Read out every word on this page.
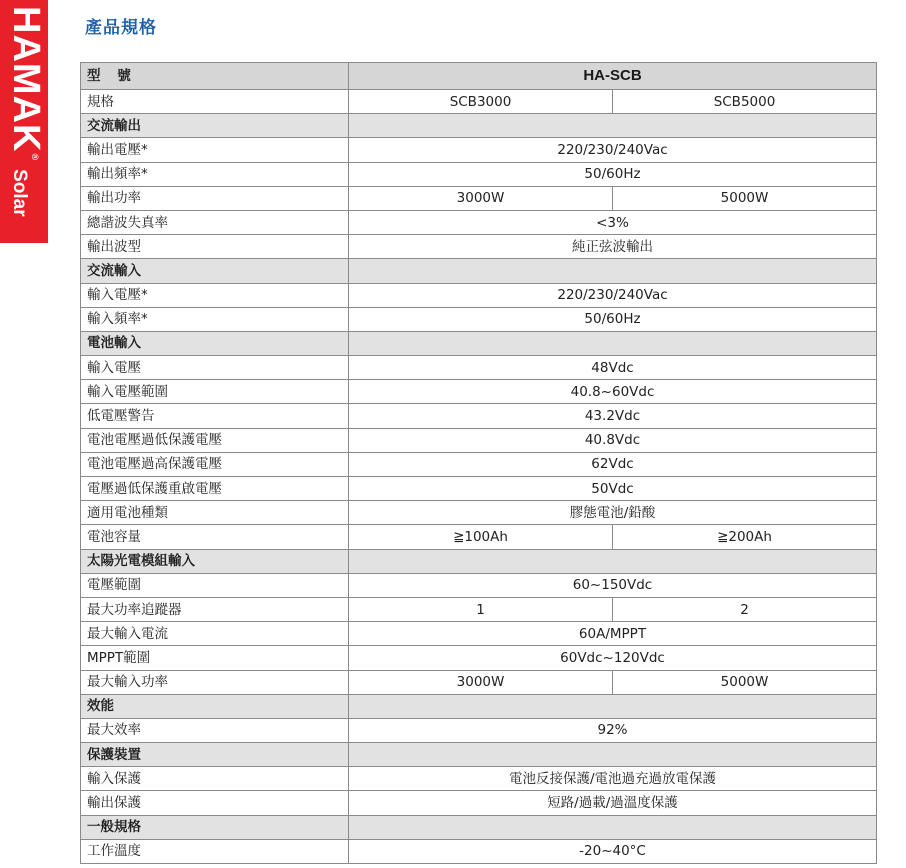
HAMAK
®
Solar
產品規格
型 號	HA-SCB	
規格	SCB3000	SCB5000
交流輸出		
輸出電壓*	220/230/240Vac	
輸出頻率*	50/60Hz	
輸出功率	3000W	5000W
總諧波失真率	<3%	
輸出波型	純正弦波輸出	
交流輸入		
輸入電壓*	220/230/240Vac	
輸入頻率*	50/60Hz	
電池輸入		
輸入電壓	48Vdc	
輸入電壓範圍	40.8~60Vdc	
低電壓警告	43.2Vdc	
電池電壓過低保護電壓	40.8Vdc	
電池電壓過高保護電壓	62Vdc	
電壓過低保護重啟電壓	50Vdc	
適用電池種類	膠態電池/鉛酸	
電池容量	≧100Ah	≧200Ah
太陽光電模組輸入		
電壓範圍	60~150Vdc	
最大功率追蹤器	1	2
最大輸入電流	60A/MPPT	
MPPT範圍	60Vdc~120Vdc	
最大輸入功率	3000W	5000W
效能		
最大效率	92%	
保護裝置		
輸入保護	電池反接保護/電池過充過放電保護	
輸出保護	短路/過載/過溫度保護	
一般規格		
工作溫度	-20~40°C	
